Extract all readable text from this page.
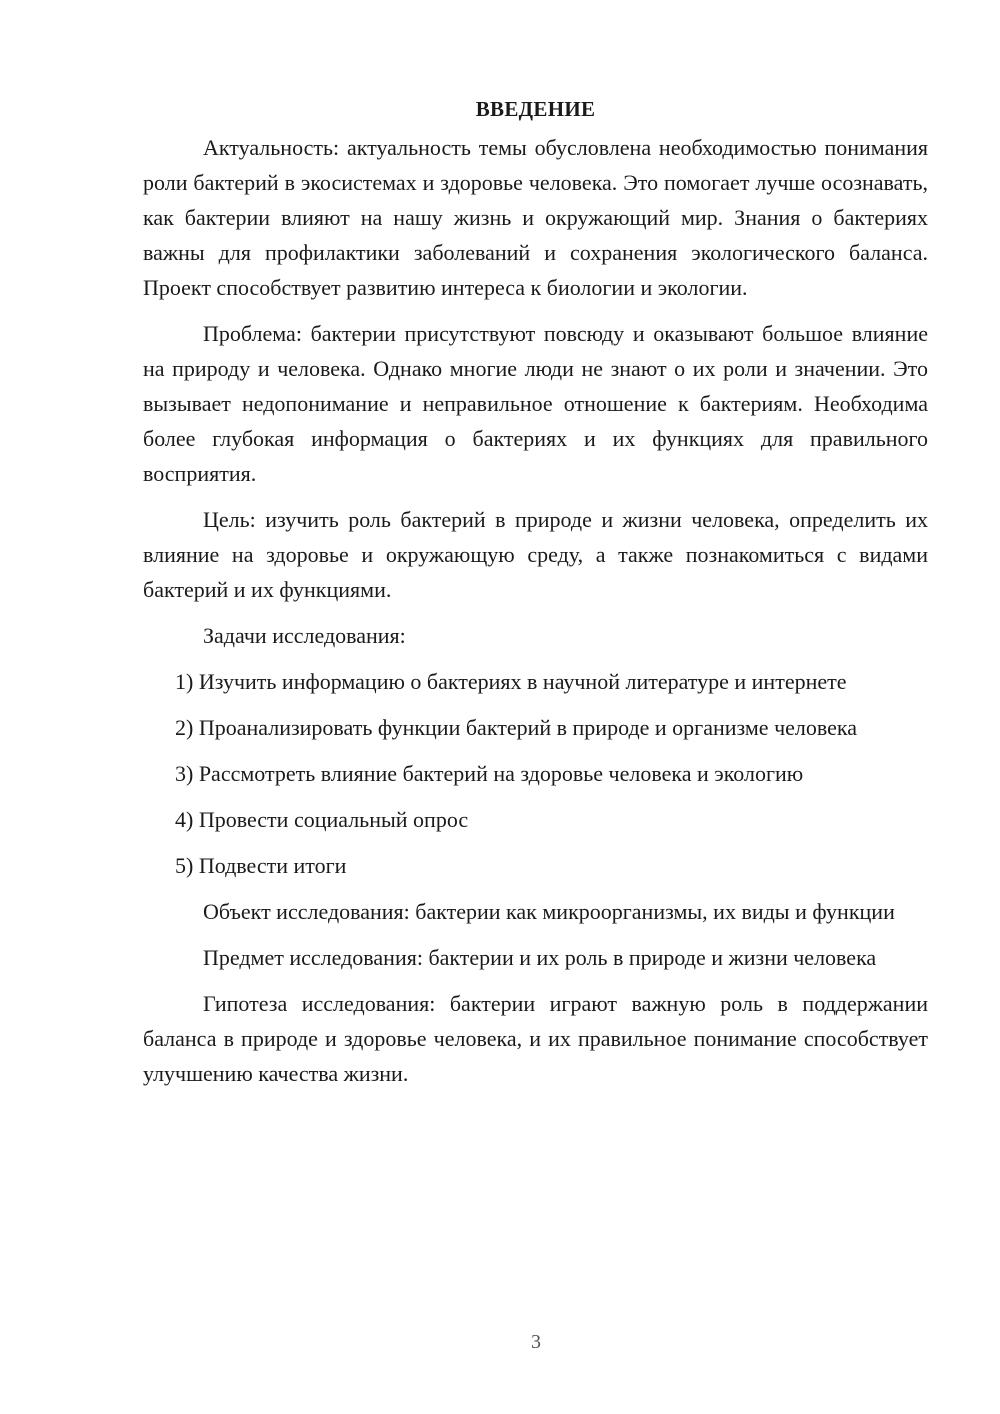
ВВЕДЕНИЕ

Актуальность: актуальность темы обусловлена необходимостью понимания роли бактерий в экосистемах и здоровье человека. Это помогает лучше осознавать, как бактерии влияют на нашу жизнь и окружающий мир. Знания о бактериях важны для профилактики заболеваний и сохранения экологического баланса. Проект способствует развитию интереса к биологии и экологии.

Проблема: бактерии присутствуют повсюду и оказывают большое влияние на природу и человека. Однако многие люди не знают о их роли и значении. Это вызывает недопонимание и неправильное отношение к бактериям. Необходима более глубокая информация о бактериях и их функциях для правильного восприятия.

Цель: изучить роль бактерий в природе и жизни человека, определить их влияние на здоровье и окружающую среду, а также познакомиться с видами бактерий и их функциями.

Задачи исследования:

1) Изучить информацию о бактериях в научной литературе и интернете

2) Проанализировать функции бактерий в природе и организме человека

3) Рассмотреть влияние бактерий на здоровье человека и экологию

4) Провести социальный опрос

5) Подвести итоги

Объект исследования: бактерии как микроорганизмы, их виды и функции

Предмет исследования: бактерии и их роль в природе и жизни человека

Гипотеза исследования: бактерии играют важную роль в поддержании баланса в природе и здоровье человека, и их правильное понимание способствует улучшению качества жизни.

3
